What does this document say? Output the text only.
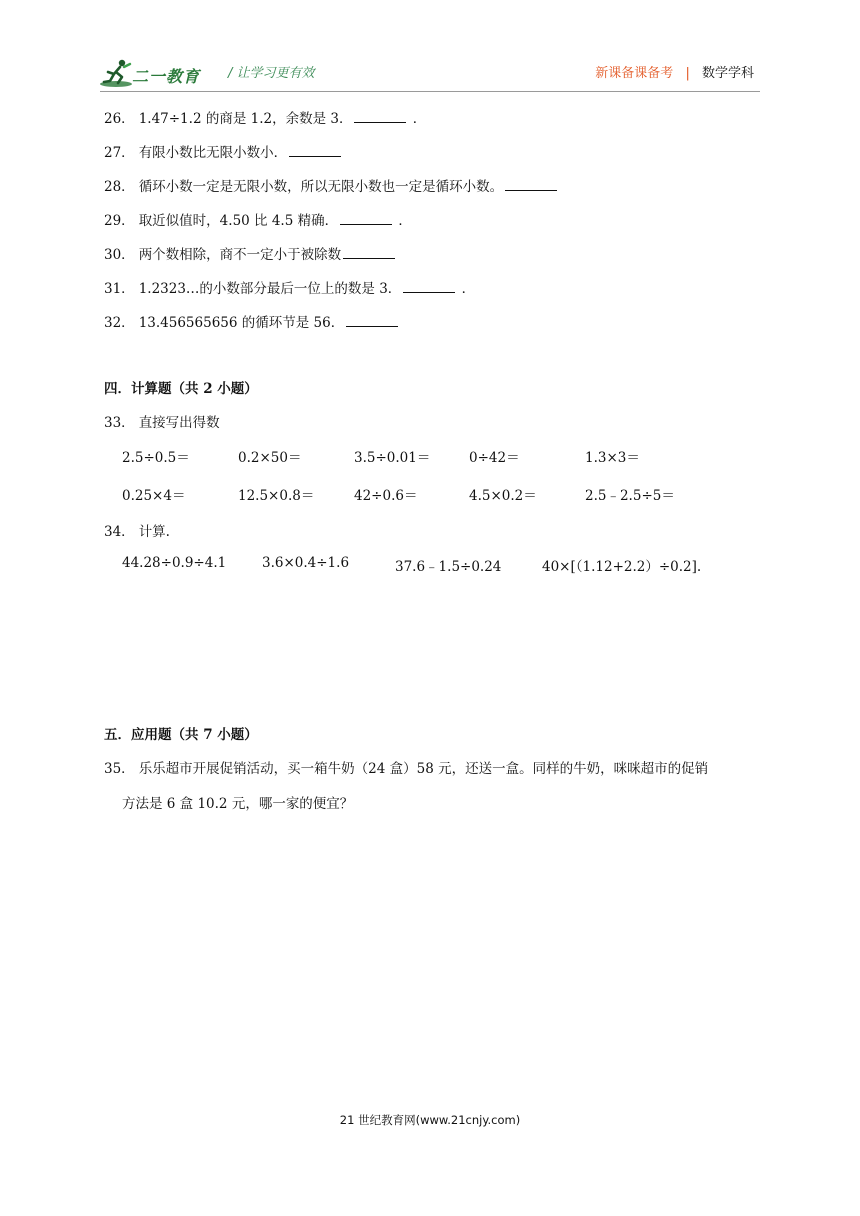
二一教育 / 让学习更有效	新课备课备考 | 数学学科
26． 1.47÷1.2 的商是 1.2，余数是 3．	．
27． 有限小数比无限小数小．
28． 循环小数一定是无限小数，所以无限小数也一定是循环小数。
29． 取近似值时，4.50 比 4.5 精确．	．
30． 两个数相除，商不一定小于被除数
31． 1.2323…的小数部分最后一位上的数是 3．	．
32． 13.456565656 的循环节是 56．
四．计算题（共 2 小题）
33． 直接写出得数
2.5÷0.5＝	0.2×50＝	3.5÷0.01＝	0÷42＝	1.3×3＝
0.25×4＝	12.5×0.8＝	42÷0.6＝	4.5×0.2＝	2.5﹣2.5÷5＝
34． 计算.
44.28÷0.9÷4.1	3.6×0.4÷1.6	37.6﹣1.5÷0.24	40×[（1.12+2.2）÷0.2].
五．应用题（共 7 小题）
35． 乐乐超市开展促销活动，买一箱牛奶（24 盒）58 元，还送一盒。同样的牛奶，咪咪超市的促销
方法是 6 盒 10.2 元，哪一家的便宜？
21 世纪教育网(www.21cnjy.com)
